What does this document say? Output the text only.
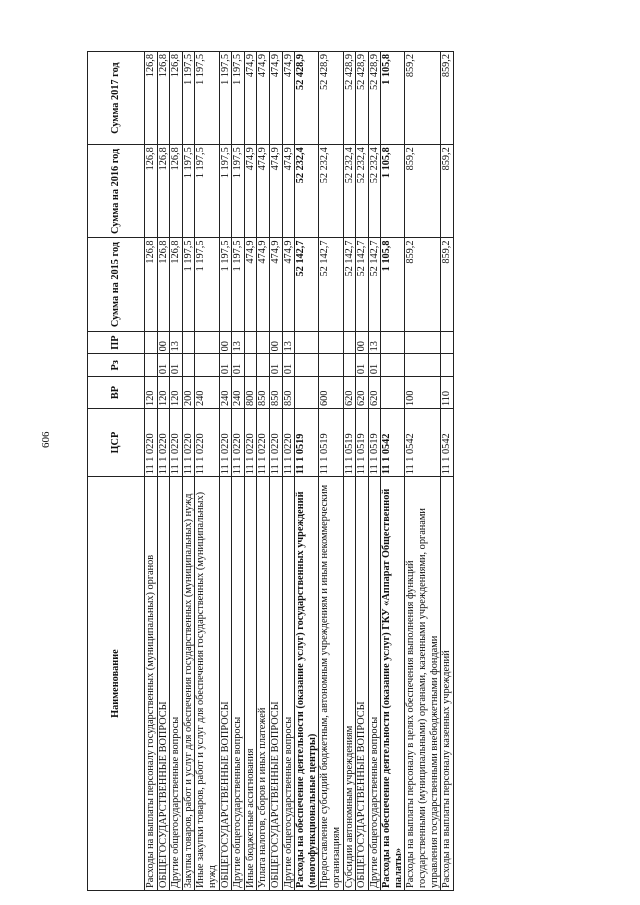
606
Наименование	ЦСР	ВР	Рз	ПР	Сумма на 2015 год	Сумма на 2016 год	Сумма 2017 год
Расходы на выплаты персоналу государственных (муниципальных) органов	11 1 0220	120			126,8	126,8	126,8
ОБЩЕГОСУДАРСТВЕННЫЕ ВОПРОСЫ	11 1 0220	120	01	00	126,8	126,8	126,8
Другие общегосударственные вопросы	11 1 0220	120	01	13	126,8	126,8	126,8
Закупка товаров, работ и услуг для обеспечения государственных (муниципальных) нужд	11 1 0220	200			1 197,5	1 197,5	1 197,5
Иные закупки товаров, работ и услуг для обеспечения государственных (муниципальных) нужд	11 1 0220	240			1 197,5	1 197,5	1 197,5
ОБЩЕГОСУДАРСТВЕННЫЕ ВОПРОСЫ	11 1 0220	240	01	00	1 197,5	1 197,5	1 197,5
Другие общегосударственные вопросы	11 1 0220	240	01	13	1 197,5	1 197,5	1 197,5
Иные бюджетные ассигнования	11 1 0220	800			474,9	474,9	474,9
Уплата налогов, сборов и иных платежей	11 1 0220	850			474,9	474,9	474,9
ОБЩЕГОСУДАРСТВЕННЫЕ ВОПРОСЫ	11 1 0220	850	01	00	474,9	474,9	474,9
Другие общегосударственные вопросы	11 1 0220	850	01	13	474,9	474,9	474,9
Расходы на обеспечение деятельности (оказание услуг) государственных учреждений (многофункциональные центры)	11 1 0519				52 142,7	52 232,4	52 428,9
Предоставление субсидий бюджетным, автономным учреждениям и иным некоммерческим организациям	11 1 0519	600			52 142,7	52 232,4	52 428,9
Субсидии автономным учреждениям	11 1 0519	620			52 142,7	52 232,4	52 428,9
ОБЩЕГОСУДАРСТВЕННЫЕ ВОПРОСЫ	11 1 0519	620	01	00	52 142,7	52 232,4	52 428,9
Другие общегосударственные вопросы	11 1 0519	620	01	13	52 142,7	52 232,4	52 428,9
Расходы на обеспечение деятельности (оказание услуг) ГКУ «Аппарат Общественной палаты»	11 1 0542				1 105,8	1 105,8	1 105,8
Расходы на выплаты персоналу в целях обеспечения выполнения функций государственными (муниципальными) органами, казенными учреждениями, органами управления государственными внебюджетными фондами	11 1 0542	100			859,2	859,2	859,2
Расходы на выплаты персоналу казенных учреждений	11 1 0542	110			859,2	859,2	859,2
